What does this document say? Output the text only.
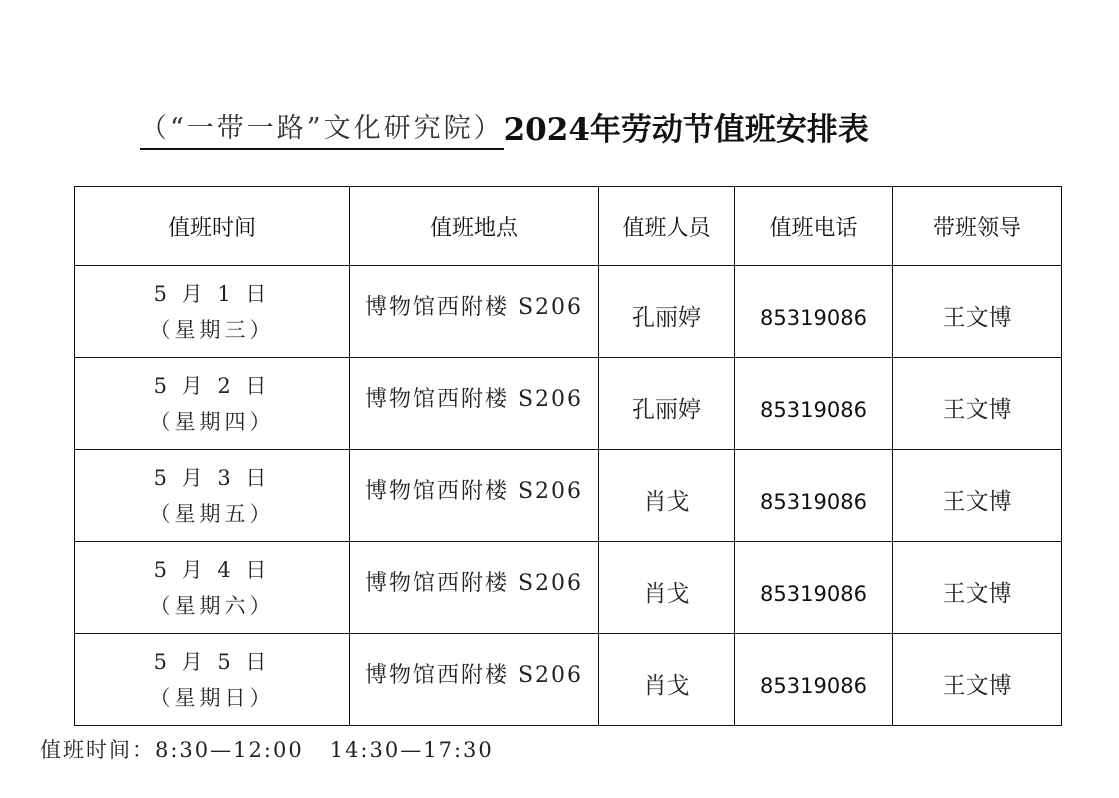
（“一带一路”文化研究院） 2024年劳动节值班安排表
值班时间	值班地点	值班人员	值班电话	带班领导

5 月 1 日
（星期三）	博物馆西附楼 S206	孔丽婷	85319086	王文博

5 月 2 日
（星期四）	博物馆西附楼 S206	孔丽婷	85319086	王文博

5 月 3 日
（星期五）	博物馆西附楼 S206	肖戈	85319086	王文博

5 月 4 日
（星期六）	博物馆西附楼 S206	肖戈	85319086	王文博

5 月 5 日
（星期日）	博物馆西附楼 S206	肖戈	85319086	王文博
值班时间：8:30—12:00   14:30—17:30
